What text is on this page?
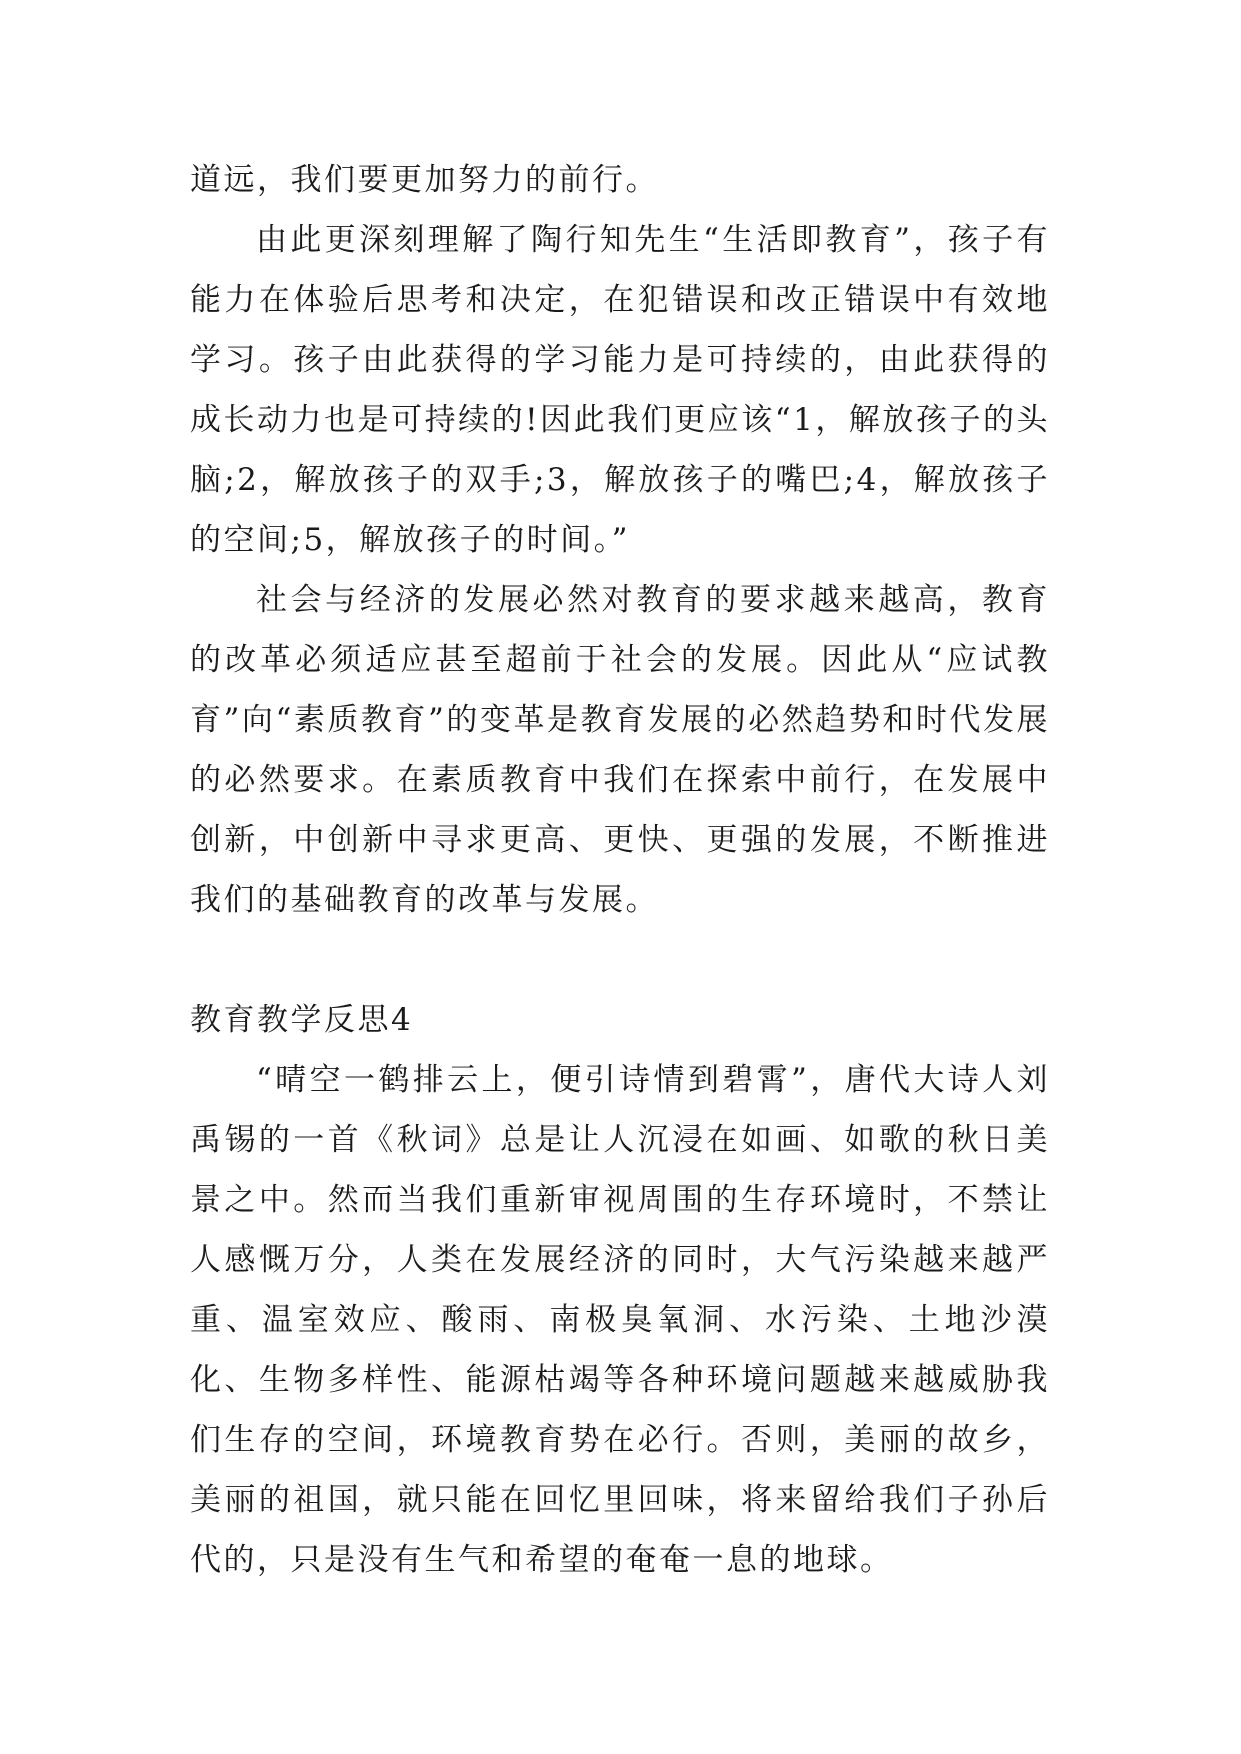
道远，我们要更加努力的前行。

由此更深刻理解了陶行知先生“生活即教育”，孩子有能力在体验后思考和决定，在犯错误和改正错误中有效地学习。孩子由此获得的学习能力是可持续的，由此获得的成长动力也是可持续的!因此我们更应该“1，解放孩子的头脑;2，解放孩子的双手;3，解放孩子的嘴巴;4，解放孩子的空间;5，解放孩子的时间。”

社会与经济的发展必然对教育的要求越来越高，教育的改革必须适应甚至超前于社会的发展。因此从“应试教育”向“素质教育”的变革是教育发展的必然趋势和时代发展的必然要求。在素质教育中我们在探索中前行，在发展中创新，中创新中寻求更高、更快、更强的发展，不断推进我们的基础教育的改革与发展。

教育教学反思4

“晴空一鹤排云上，便引诗情到碧霄”，唐代大诗人刘禹锡的一首《秋词》总是让人沉浸在如画、如歌的秋日美景之中。然而当我们重新审视周围的生存环境时，不禁让人感慨万分，人类在发展经济的同时，大气污染越来越严重、温室效应、酸雨、南极臭氧洞、水污染、土地沙漠化、生物多样性、能源枯竭等各种环境问题越来越威胁我们生存的空间，环境教育势在必行。否则，美丽的故乡，美丽的祖国，就只能在回忆里回味，将来留给我们子孙后代的，只是没有生气和希望的奄奄一息的地球。
